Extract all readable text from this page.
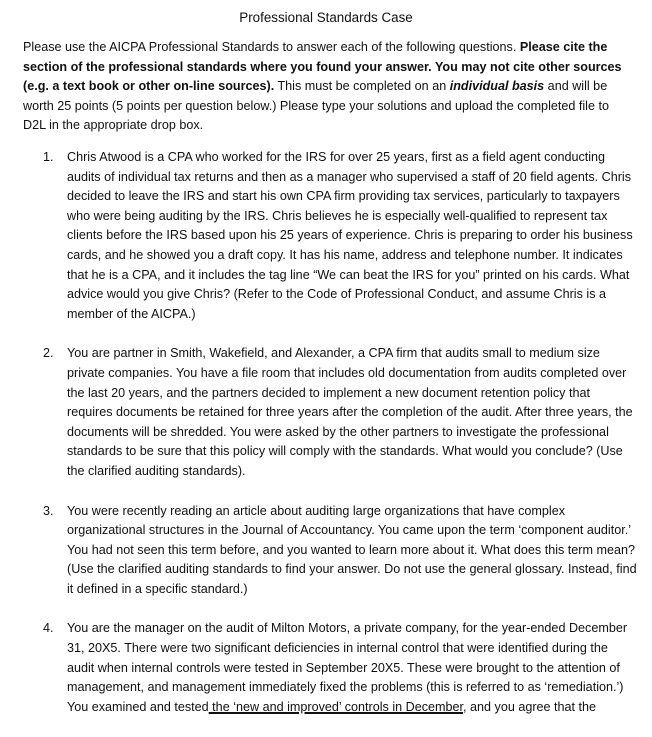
Professional Standards Case

Please use the AICPA Professional Standards to answer each of the following questions. Please cite the section of the professional standards where you found your answer. You may not cite other sources (e.g. a text book or other on-line sources). This must be completed on an individual basis and will be worth 25 points (5 points per question below.) Please type your solutions and upload the completed file to D2L in the appropriate drop box.

1. Chris Atwood is a CPA who worked for the IRS for over 25 years, first as a field agent conducting audits of individual tax returns and then as a manager who supervised a staff of 20 field agents. Chris decided to leave the IRS and start his own CPA firm providing tax services, particularly to taxpayers who were being auditing by the IRS. Chris believes he is especially well-qualified to represent tax clients before the IRS based upon his 25 years of experience. Chris is preparing to order his business cards, and he showed you a draft copy. It has his name, address and telephone number. It indicates that he is a CPA, and it includes the tag line “We can beat the IRS for you” printed on his cards. What advice would you give Chris? (Refer to the Code of Professional Conduct, and assume Chris is a member of the AICPA.)

2. You are partner in Smith, Wakefield, and Alexander, a CPA firm that audits small to medium size private companies. You have a file room that includes old documentation from audits completed over the last 20 years, and the partners decided to implement a new document retention policy that requires documents be retained for three years after the completion of the audit. After three years, the documents will be shredded. You were asked by the other partners to investigate the professional standards to be sure that this policy will comply with the standards. What would you conclude? (Use the clarified auditing standards).

3. You were recently reading an article about auditing large organizations that have complex organizational structures in the Journal of Accountancy. You came upon the term ‘component auditor.’ You had not seen this term before, and you wanted to learn more about it. What does this term mean? (Use the clarified auditing standards to find your answer. Do not use the general glossary. Instead, find it defined in a specific standard.)

4. You are the manager on the audit of Milton Motors, a private company, for the year-ended December 31, 20X5. There were two significant deficiencies in internal control that were identified during the audit when internal controls were tested in September 20X5. These were brought to the attention of management, and management immediately fixed the problems (this is referred to as ‘remediation.’) You examined and tested the ‘new and improved’ controls in December, and you agree that the
